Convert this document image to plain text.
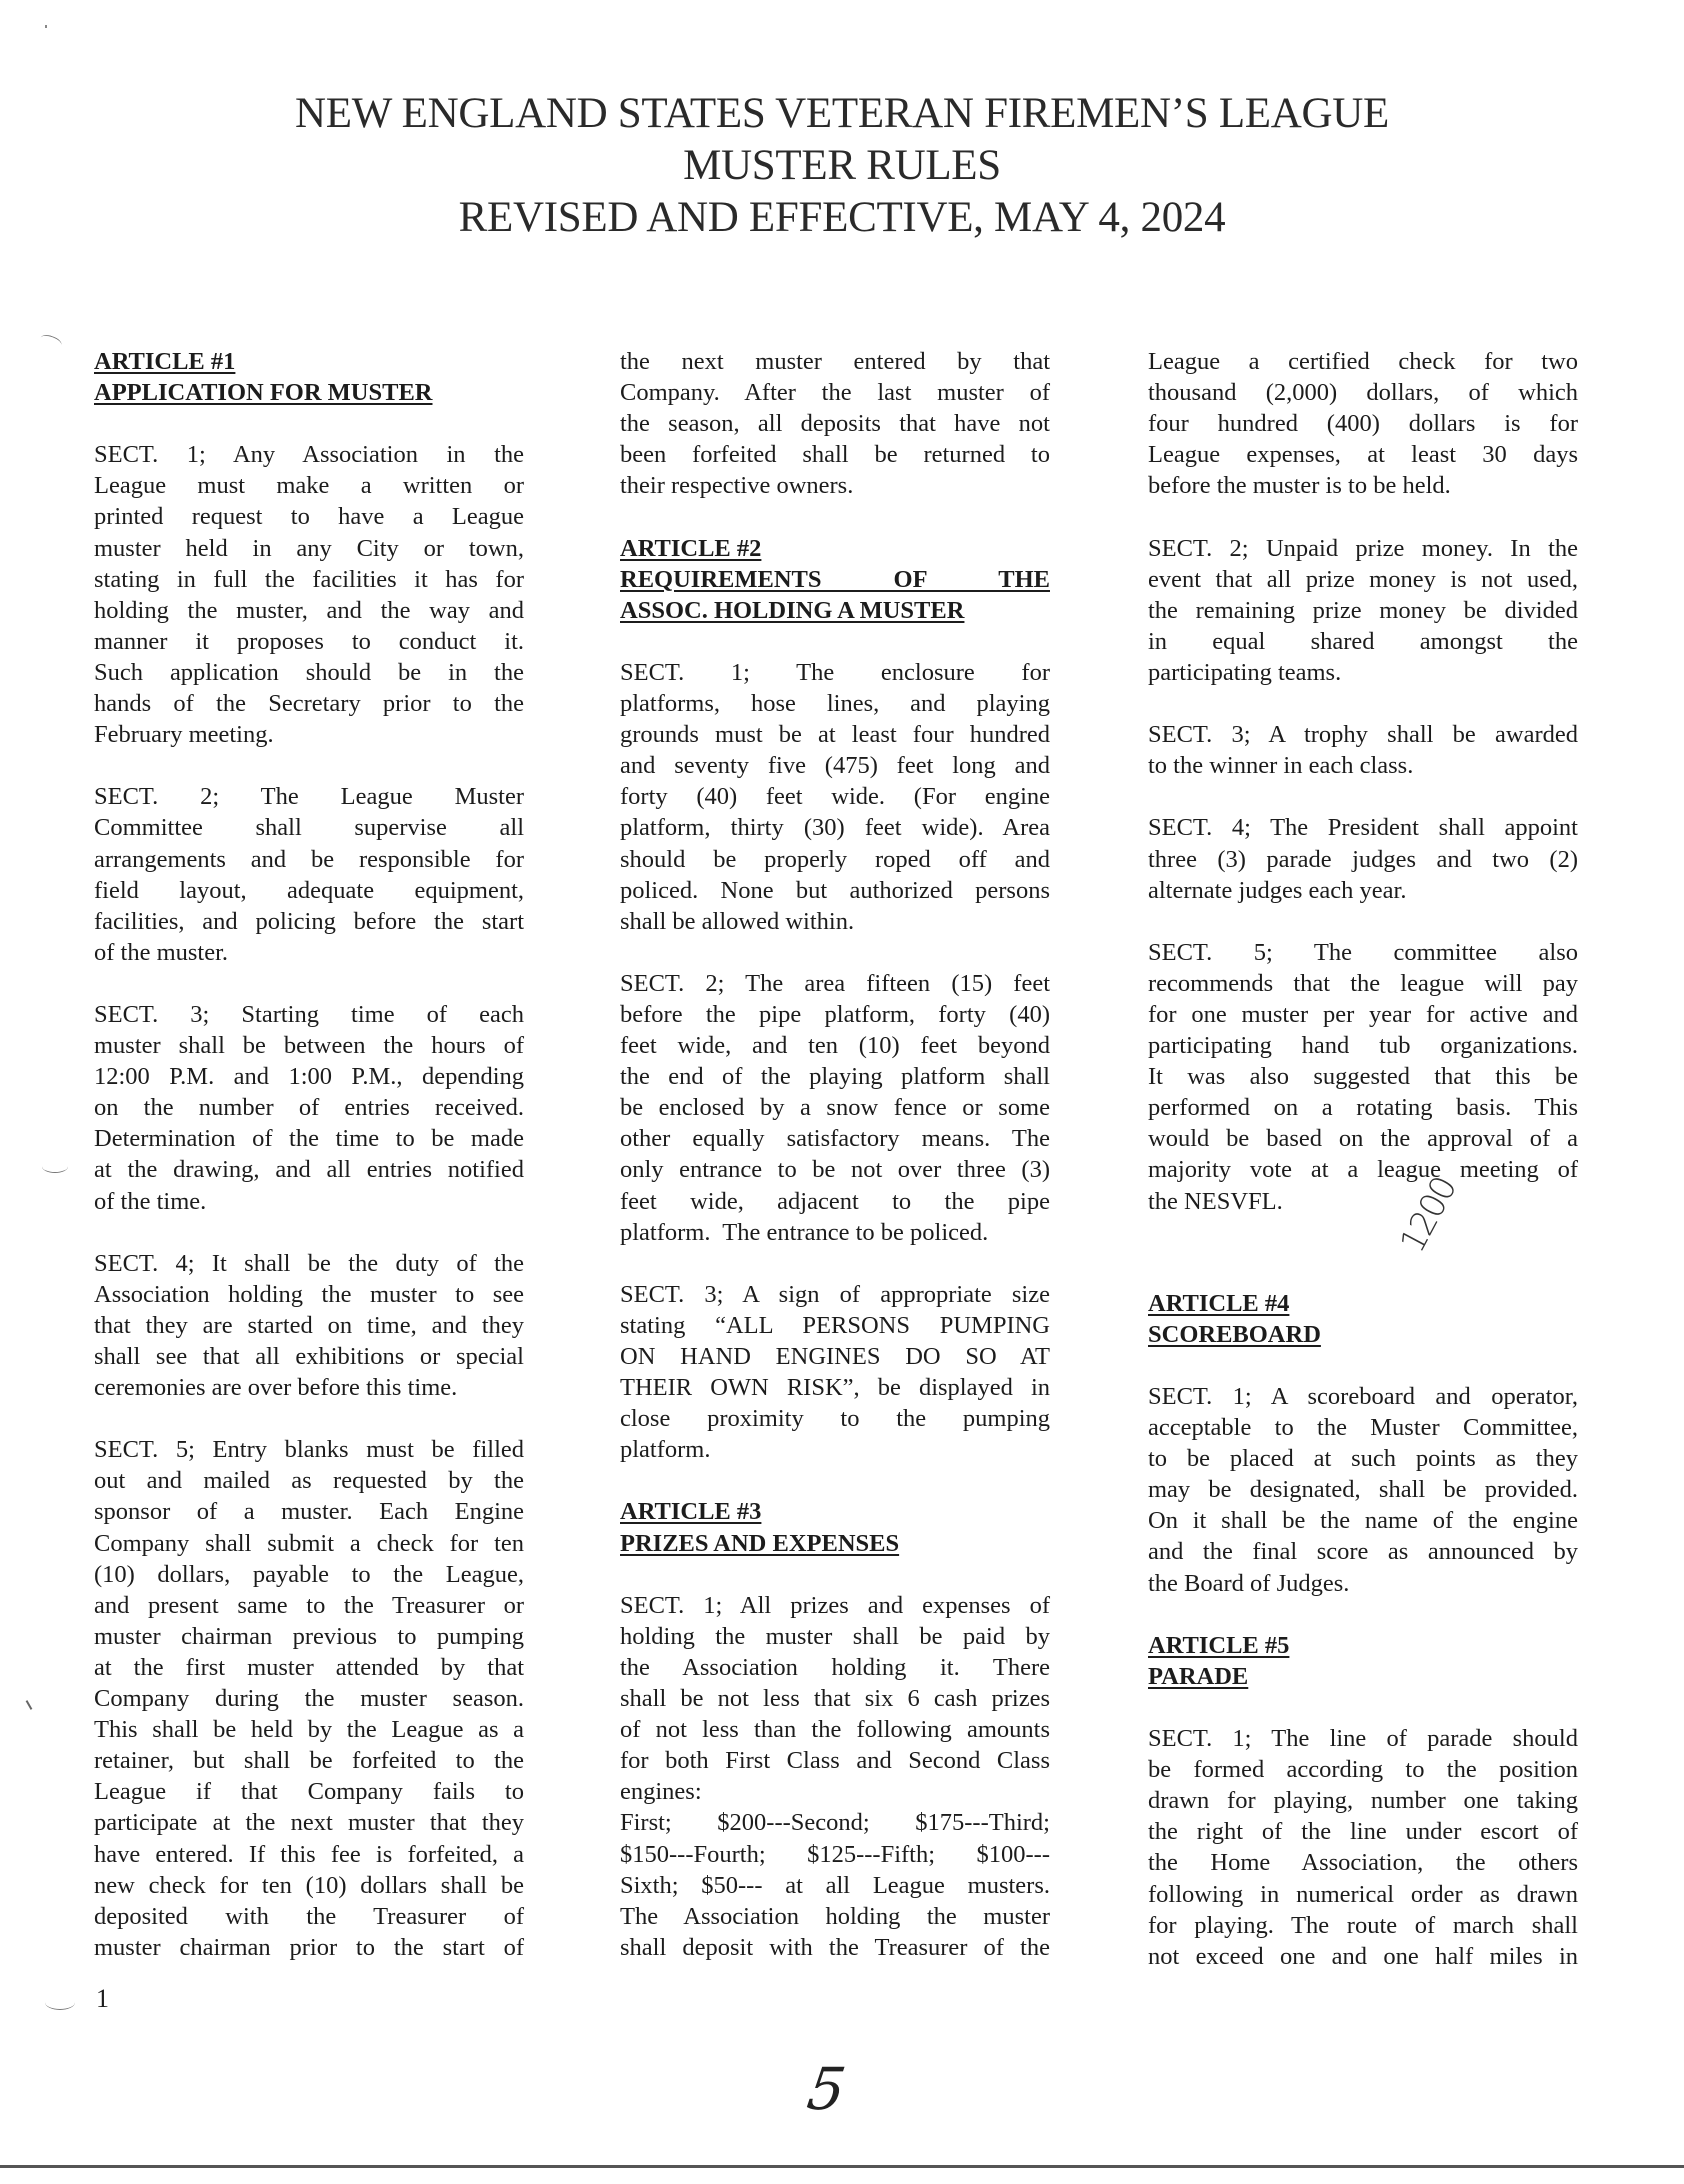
NEW ENGLAND STATES VETERAN FIREMEN’S LEAGUE
MUSTER RULES
REVISED AND EFFECTIVE, MAY 4, 2024
ARTICLE #1
APPLICATION FOR MUSTER
SECT. 1; Any Association in the
League must make a written or
printed request to have a League
muster held in any City or town,
stating in full the facilities it has for
holding the muster, and the way and
manner it proposes to conduct it.
Such application should be in the
hands of the Secretary prior to the
February meeting.
SECT. 2; The League Muster
Committee shall supervise all
arrangements and be responsible for
field layout, adequate equipment,
facilities, and policing before the start
of the muster.
SECT. 3; Starting time of each
muster shall be between the hours of
12:00 P.M. and 1:00 P.M., depending
on the number of entries received.
Determination of the time to be made
at the drawing, and all entries notified
of the time.
SECT. 4; It shall be the duty of the
Association holding the muster to see
that they are started on time, and they
shall see that all exhibitions or special
ceremonies are over before this time.
SECT. 5; Entry blanks must be filled
out and mailed as requested by the
sponsor of a muster. Each Engine
Company shall submit a check for ten
(10) dollars, payable to the League,
and present same to the Treasurer or
muster chairman previous to pumping
at the first muster attended by that
Company during the muster season.
This shall be held by the League as a
retainer, but shall be forfeited to the
League if that Company fails to
participate at the next muster that they
have entered. If this fee is forfeited, a
new check for ten (10) dollars shall be
deposited with the Treasurer of
muster chairman prior to the start of
the next muster entered by that
Company. After the last muster of
the season, all deposits that have not
been forfeited shall be returned to
their respective owners.
ARTICLE #2
REQUIREMENTS OF THE
ASSOC. HOLDING A MUSTER
SECT. 1; The enclosure for
platforms, hose lines, and playing
grounds must be at least four hundred
and seventy five (475) feet long and
forty (40) feet wide. (For engine
platform, thirty (30) feet wide). Area
should be properly roped off and
policed. None but authorized persons
shall be allowed within.
SECT. 2; The area fifteen (15) feet
before the pipe platform, forty (40)
feet wide, and ten (10) feet beyond
the end of the playing platform shall
be enclosed by a snow fence or some
other equally satisfactory means. The
only entrance to be not over three (3)
feet wide, adjacent to the pipe
platform.  The entrance to be policed.
SECT. 3; A sign of appropriate size
stating “ALL PERSONS PUMPING
ON HAND ENGINES DO SO AT
THEIR OWN RISK”, be displayed in
close proximity to the pumping
platform.
ARTICLE #3
PRIZES AND EXPENSES
SECT. 1; All prizes and expenses of
holding the muster shall be paid by
the Association holding it. There
shall be not less that six 6 cash prizes
of not less than the following amounts
for both First Class and Second Class
engines:
First; $200---Second; $175---Third;
$150---Fourth; $125---Fifth; $100---
Sixth; $50--- at all League musters.
The Association holding the muster
shall deposit with the Treasurer of the
League a certified check for two
thousand (2,000) dollars, of which
four hundred (400) dollars is for
League expenses, at least 30 days
before the muster is to be held.
SECT. 2; Unpaid prize money. In the
event that all prize money is not used,
the remaining prize money be divided
in equal shared amongst the
participating teams.
SECT. 3; A trophy shall be awarded
to the winner in each class.
SECT. 4; The President shall appoint
three (3) parade judges and two (2)
alternate judges each year.
SECT. 5; The committee also
recommends that the league will pay
for one muster per year for active and
participating hand tub organizations.
It was also suggested that this be
performed on a rotating basis. This
would be based on the approval of a
majority vote at a league meeting of
the NESVFL.
ARTICLE #4
SCOREBOARD
SECT. 1; A scoreboard and operator,
acceptable to the Muster Committee,
to be placed at such points as they
may be designated, shall be provided.
On it shall be the name of the engine
and the final score as announced by
the Board of Judges.
ARTICLE #5
PARADE
SECT. 1; The line of parade should
be formed according to the position
drawn for playing, number one taking
the right of the line under escort of
the Home Association, the others
following in numerical order as drawn
for playing. The route of march shall
not exceed one and one half miles in
1200
1
5
